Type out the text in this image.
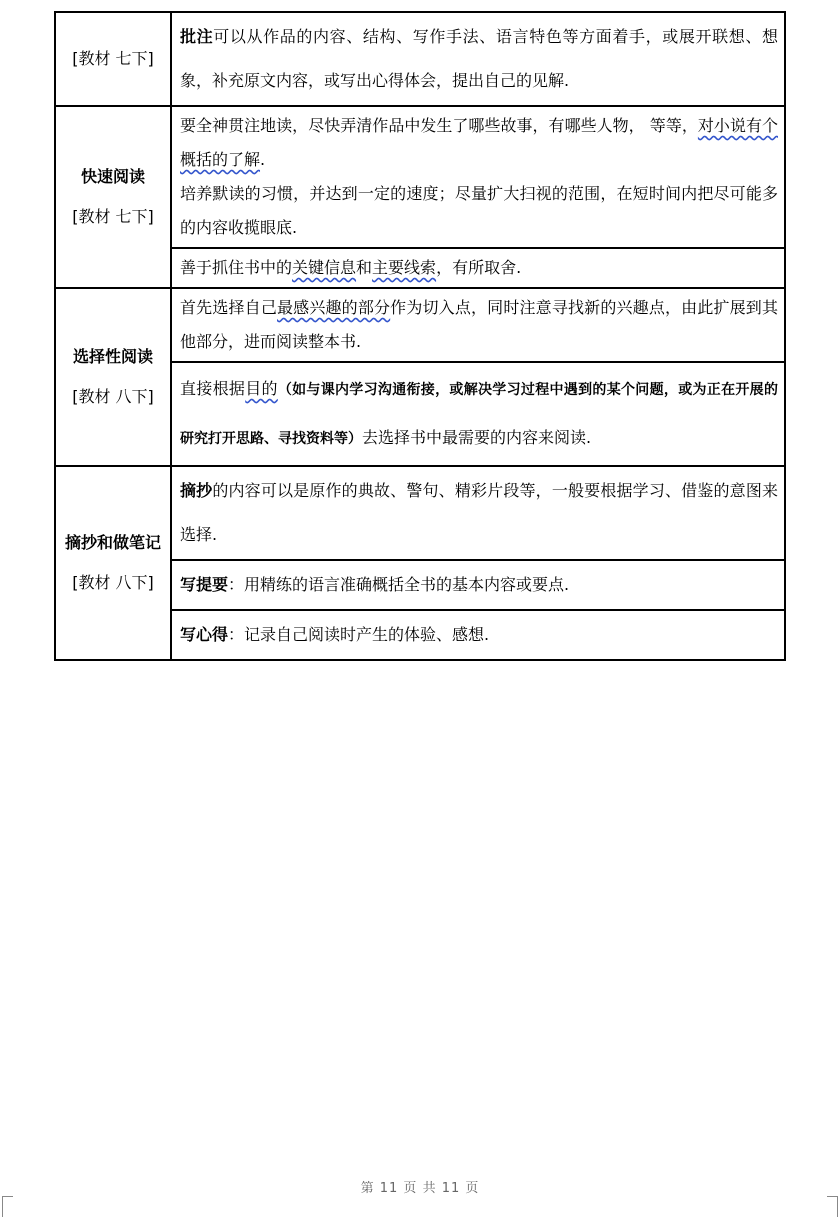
[教材 七下]	批注可以从作品的内容、结构、写作手法、语言特色等方面着手，或展开联想、想象，补充原文内容，或写出心得体会，提出自己的见解.

快速阅读
[教材 七下]	要全神贯注地读，尽快弄清作品中发生了哪些故事，有哪些人物， 等等，对小说有个概括的了解.
培养默读的习惯，并达到一定的速度；尽量扩大扫视的范围，在短时间内把尽可能多的内容收揽眼底.

	善于抓住书中的关键信息和主要线索，有所取舍.

选择性阅读
[教材 八下]	首先选择自己最感兴趣的部分作为切入点，同时注意寻找新的兴趣点，由此扩展到其他部分，进而阅读整本书.

	直接根据目的（如与课内学习沟通衔接，或解决学习过程中遇到的某个问题，或为正在开展的研究打开思路、寻找资料等）去选择书中最需要的内容来阅读.

摘抄和做笔记
[教材 八下]	摘抄的内容可以是原作的典故、警句、精彩片段等，一般要根据学习、借鉴的意图来选择.

	写提要：用精练的语言准确概括全书的基本内容或要点.

	写心得：记录自己阅读时产生的体验、感想.
第 11 页 共 11 页
